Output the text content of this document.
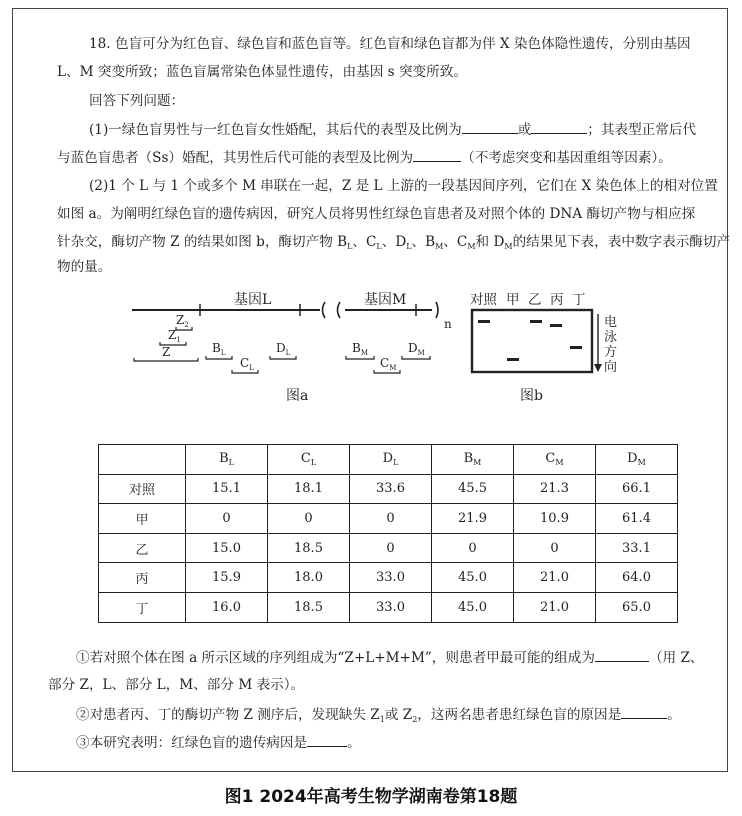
18. 色盲可分为红色盲、绿色盲和蓝色盲等。红色盲和绿色盲都为伴 X 染色体隐性遗传，分别由基因
L、M 突变所致；蓝色盲属常染色体显性遗传，由基因 s 突变所致。
回答下列问题：
(1)一绿色盲男性与一红色盲女性婚配，其后代的表型及比例为	或	；其表型正常后代
与蓝色盲患者（Ss）婚配，其男性后代可能的表型及比例为	（不考虑突变和基因重组等因素）。
(2)1 个 L 与 1 个或多个 M 串联在一起，Z 是 L 上游的一段基因间序列，它们在 X 染色体上的相对位置
如图 a。为阐明红绿色盲的遗传病因，研究人员将男性红绿色盲患者及对照个体的 DNA 酶切产物与相应探
针杂交，酶切产物 Z 的结果如图 b，酶切产物 $B_L$、$C_L$、$D_L$、$B_M$、$C_M$和 $D_M$的结果见下表，表中数字表示酶切产
物的量。
基因L	基因M
n
$Z_2$
$Z_1$
Z	$B_L$
$C_L$
$D_L$	$B_M$
$C_M$
$D_M$
图a
对照 甲 乙 丙 丁
电
泳
方
向
图b
	$B_L$	$C_L$	$D_L$	$B_M$	$C_M$	$D_M$
对照	15.1	18.1	33.6	45.5	21.3	66.1
甲	0	0	0	21.9	10.9	61.4
乙	15.0	18.5	0	0	0	33.1
丙	15.9	18.0	33.0	45.0	21.0	64.0
丁	16.0	18.5	33.0	45.0	21.0	65.0
①若对照个体在图 a 所示区域的序列组成为“Z+L+M+M”，则患者甲最可能的组成为	（用 Z、
部分 Z，L、部分 L，M、部分 M 表示）。
②对患者丙、丁的酶切产物 Z 测序后，发现缺失 $Z_1$或 $Z_2$，这两名患者患红绿色盲的原因是	。
③本研究表明：红绿色盲的遗传病因是	。
图1 2024年高考生物学湖南卷第18题
